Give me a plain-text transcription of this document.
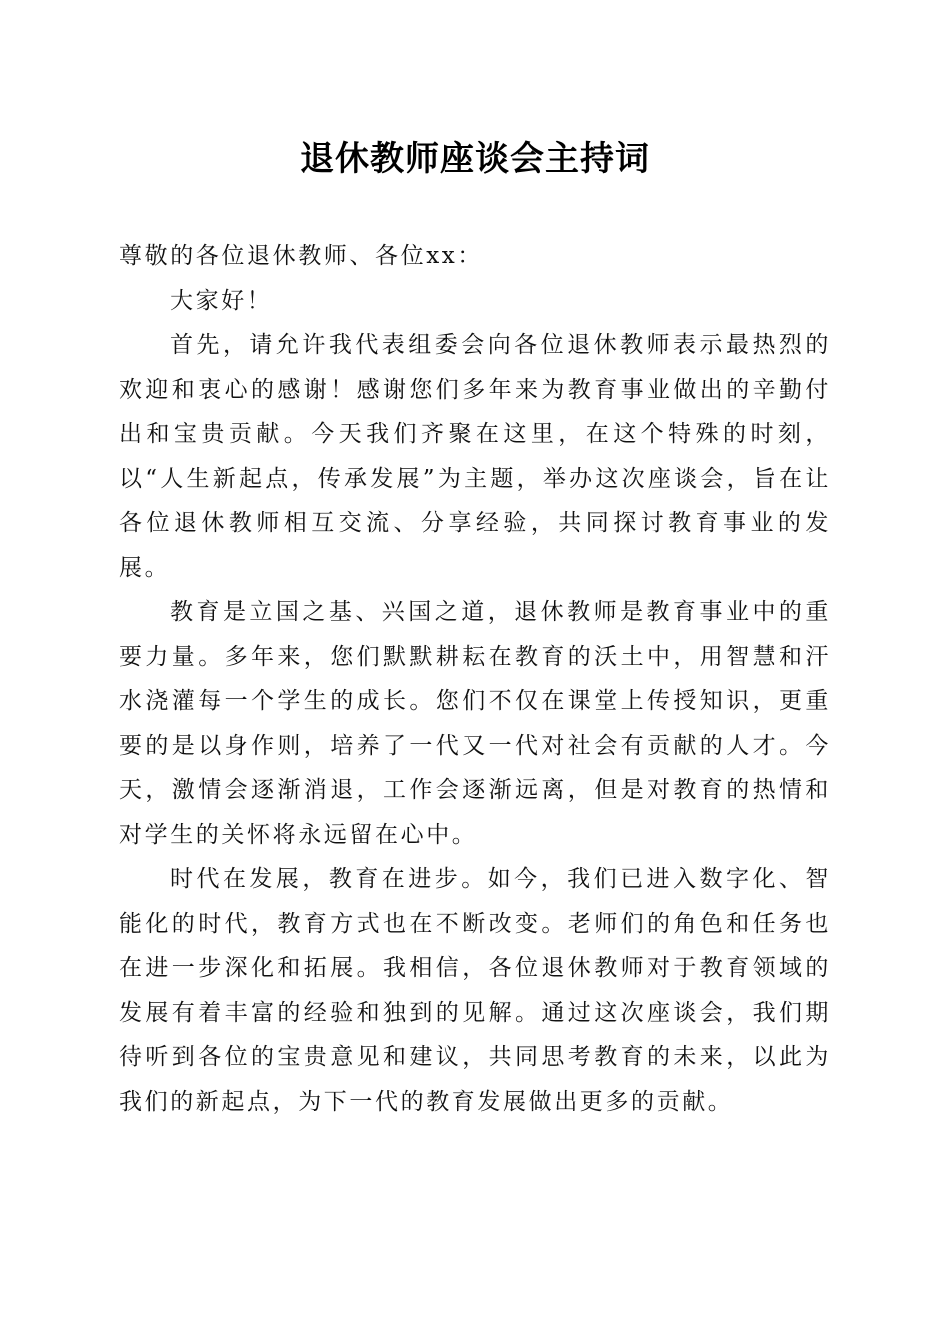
退休教师座谈会主持词

尊敬的各位退休教师、各位xx：

大家好！

首先，请允许我代表组委会向各位退休教师表示最热烈的欢迎和衷心的感谢！感谢您们多年来为教育事业做出的辛勤付出和宝贵贡献。今天我们齐聚在这里，在这个特殊的时刻，以“人生新起点，传承发展”为主题，举办这次座谈会，旨在让各位退休教师相互交流、分享经验，共同探讨教育事业的发展。

教育是立国之基、兴国之道，退休教师是教育事业中的重要力量。多年来，您们默默耕耘在教育的沃土中，用智慧和汗水浇灌每一个学生的成长。您们不仅在课堂上传授知识，更重要的是以身作则，培养了一代又一代对社会有贡献的人才。今天，激情会逐渐消退，工作会逐渐远离，但是对教育的热情和对学生的关怀将永远留在心中。

时代在发展，教育在进步。如今，我们已进入数字化、智能化的时代，教育方式也在不断改变。老师们的角色和任务也在进一步深化和拓展。我相信，各位退休教师对于教育领域的发展有着丰富的经验和独到的见解。通过这次座谈会，我们期待听到各位的宝贵意见和建议，共同思考教育的未来，以此为我们的新起点，为下一代的教育发展做出更多的贡献。
